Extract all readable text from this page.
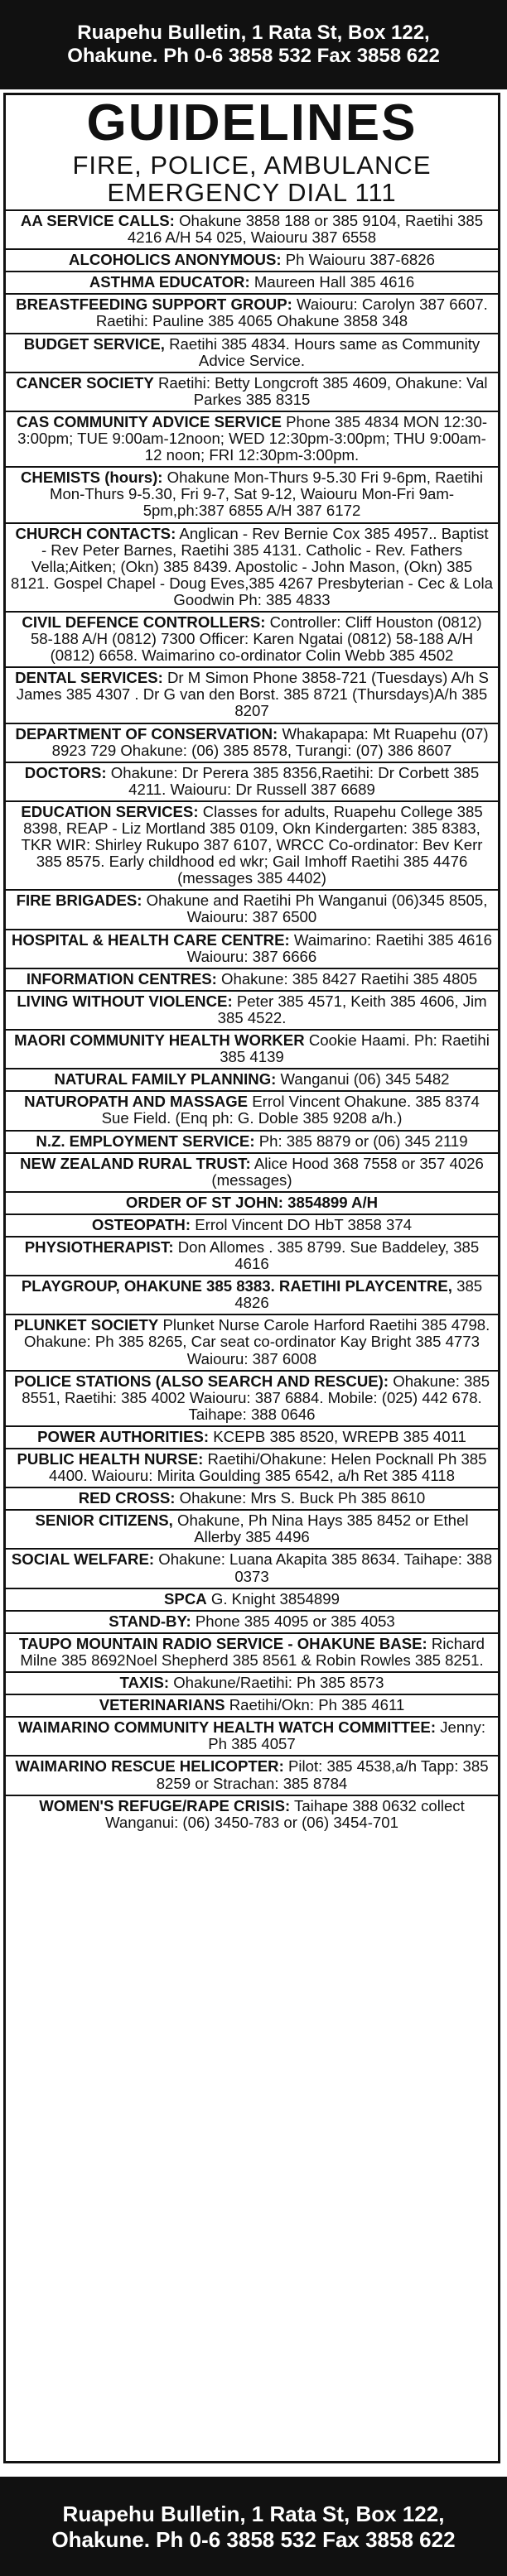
Ruapehu Bulletin, 1 Rata St, Box 122,
Ohakune. Ph 0-6 3858 532 Fax 3858 622
GUIDELINES
FIRE, POLICE, AMBULANCE EMERGENCY DIAL 111
AA SERVICE CALLS: Ohakune 3858 188 or 385 9104, Raetihi 385 4216 A/H 54 025, Waiouru 387 6558
ALCOHOLICS ANONYMOUS: Ph Waiouru 387-6826
ASTHMA EDUCATOR: Maureen Hall 385 4616
BREASTFEEDING SUPPORT GROUP: Waiouru: Carolyn 387 6607. Raetihi: Pauline 385 4065 Ohakune 3858 348
BUDGET SERVICE, Raetihi 385 4834. Hours same as Community Advice Service.
CANCER SOCIETY Raetihi: Betty Longcroft 385 4609, Ohakune: Val Parkes 385 8315
CAS COMMUNITY ADVICE SERVICE Phone 385 4834 MON 12:30-3:00pm; TUE 9:00am-12noon; WED 12:30pm-3:00pm; THU 9:00am-12 noon; FRI 12:30pm-3:00pm.
CHEMISTS (hours): Ohakune Mon-Thurs 9-5.30 Fri 9-6pm, Raetihi Mon-Thurs 9-5.30, Fri 9-7, Sat 9-12, Waiouru Mon-Fri 9am-5pm,ph:387 6855 A/H 387 6172
CHURCH CONTACTS: Anglican - Rev Bernie Cox 385 4957.. Baptist - Rev Peter Barnes, Raetihi 385 4131. Catholic - Rev. Fathers Vella;Aitken; (Okn) 385 8439. Apostolic - John Mason, (Okn) 385 8121. Gospel Chapel - Doug Eves,385 4267 Presbyterian - Cec & Lola Goodwin Ph: 385 4833
CIVIL DEFENCE CONTROLLERS: Controller: Cliff Houston (0812) 58-188 A/H (0812) 7300 Officer: Karen Ngatai (0812) 58-188 A/H (0812) 6658. Waimarino co-ordinator Colin Webb 385 4502
DENTAL SERVICES: Dr M Simon Phone 3858-721 (Tuesdays) A/h S James 385 4307 . Dr G van den Borst. 385 8721 (Thursdays)A/h 385 8207
DEPARTMENT OF CONSERVATION: Whakapapa: Mt Ruapehu (07) 8923 729 Ohakune: (06) 385 8578, Turangi: (07) 386 8607
DOCTORS: Ohakune: Dr Perera 385 8356,Raetihi: Dr Corbett 385 4211. Waiouru: Dr Russell 387 6689
EDUCATION SERVICES: Classes for adults, Ruapehu College 385 8398, REAP - Liz Mortland 385 0109, Okn Kindergarten: 385 8383, TKR WIR: Shirley Rukupo 387 6107, WRCC Co-ordinator: Bev Kerr 385 8575. Early childhood ed wkr; Gail Imhoff Raetihi 385 4476 (messages 385 4402)
FIRE BRIGADES: Ohakune and Raetihi Ph Wanganui (06)345 8505, Waiouru: 387 6500
HOSPITAL & HEALTH CARE CENTRE: Waimarino: Raetihi 385 4616 Waiouru: 387 6666
INFORMATION CENTRES: Ohakune: 385 8427 Raetihi 385 4805
LIVING WITHOUT VIOLENCE: Peter 385 4571, Keith 385 4606, Jim 385 4522.
MAORI COMMUNITY HEALTH WORKER Cookie Haami. Ph: Raetihi 385 4139
NATURAL FAMILY PLANNING: Wanganui (06) 345 5482
NATUROPATH AND MASSAGE Errol Vincent Ohakune. 385 8374 Sue Field. (Enq ph: G. Doble 385 9208 a/h.)
N.Z. EMPLOYMENT SERVICE: Ph: 385 8879 or (06) 345 2119
NEW ZEALAND RURAL TRUST: Alice Hood 368 7558 or 357 4026 (messages)
ORDER OF ST JOHN: 3854899 A/H
OSTEOPATH: Errol Vincent DO HbT 3858 374
PHYSIOTHERAPIST: Don Allomes . 385 8799. Sue Baddeley, 385 4616
PLAYGROUP, OHAKUNE 385 8383. RAETIHI PLAYCENTRE, 385 4826
PLUNKET SOCIETY Plunket Nurse Carole Harford Raetihi 385 4798. Ohakune: Ph 385 8265, Car seat co-ordinator Kay Bright 385 4773 Waiouru: 387 6008
POLICE STATIONS (ALSO SEARCH AND RESCUE): Ohakune: 385 8551, Raetihi: 385 4002 Waiouru: 387 6884. Mobile: (025) 442 678. Taihape: 388 0646
POWER AUTHORITIES: KCEPB 385 8520, WREPB 385 4011
PUBLIC HEALTH NURSE: Raetihi/Ohakune: Helen Pocknall Ph 385 4400. Waiouru: Mirita Goulding 385 6542, a/h Ret 385 4118
RED CROSS: Ohakune: Mrs S. Buck Ph 385 8610
SENIOR CITIZENS, Ohakune, Ph Nina Hays 385 8452 or Ethel Allerby 385 4496
SOCIAL WELFARE: Ohakune: Luana Akapita 385 8634. Taihape: 388 0373
SPCA G. Knight 3854899
STAND-BY: Phone 385 4095 or 385 4053
TAUPO MOUNTAIN RADIO SERVICE - OHAKUNE BASE: Richard Milne 385 8692Noel Shepherd 385 8561 & Robin Rowles 385 8251.
TAXIS: Ohakune/Raetihi: Ph 385 8573
VETERINARIANS Raetihi/Okn: Ph 385 4611
WAIMARINO COMMUNITY HEALTH WATCH COMMITTEE: Jenny: Ph 385 4057
WAIMARINO RESCUE HELICOPTER: Pilot: 385 4538,a/h Tapp: 385 8259 or Strachan: 385 8784
WOMEN'S REFUGE/RAPE CRISIS: Taihape 388 0632 collect Wanganui: (06) 3450-783 or (06) 3454-701
Ruapehu Bulletin, 1 Rata St, Box 122,
Ohakune. Ph 0-6 3858 532 Fax 3858 622
